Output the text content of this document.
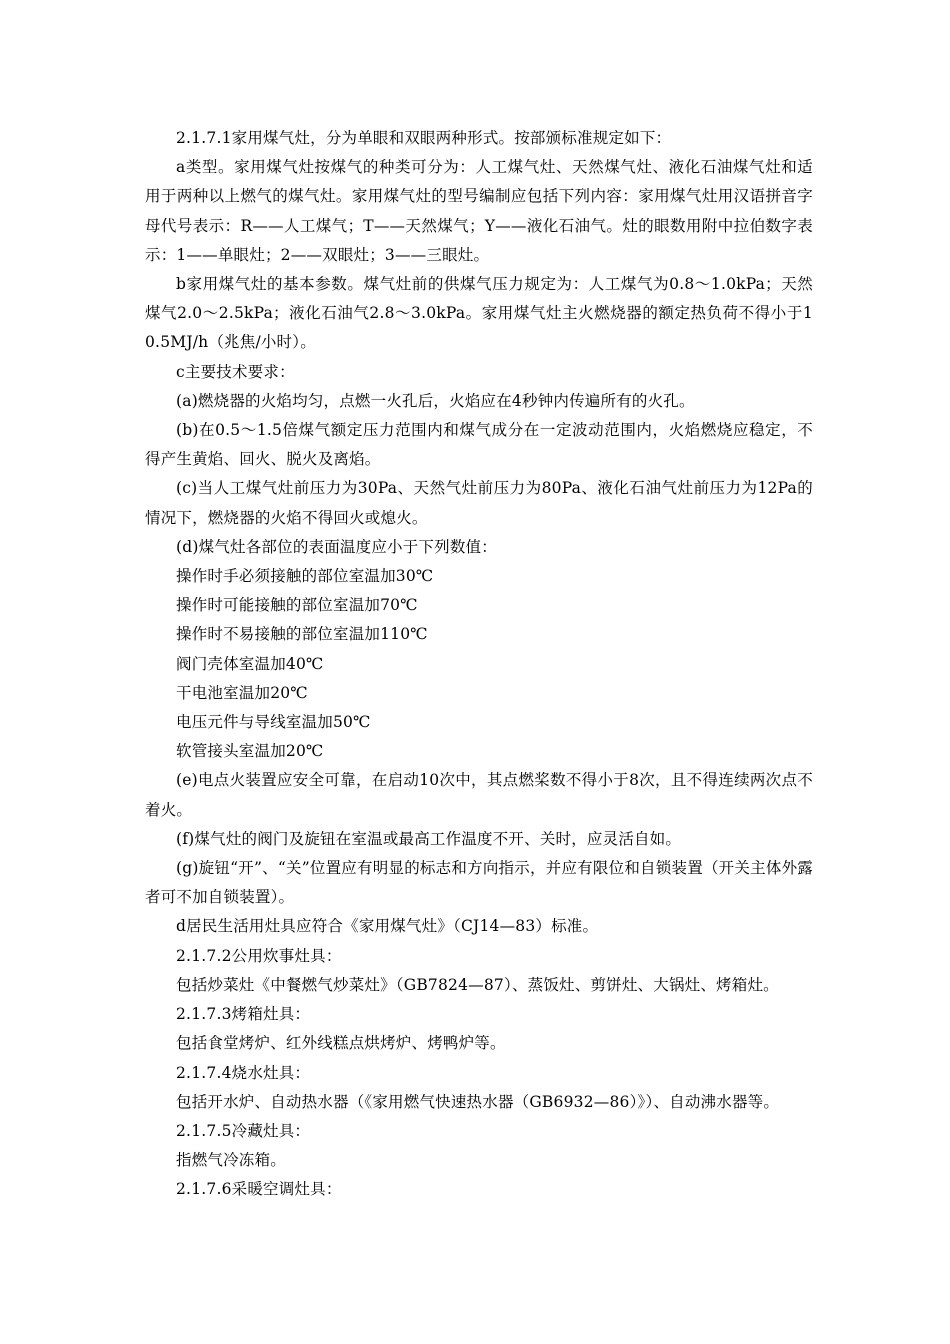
2.1.7.1家用煤气灶，分为单眼和双眼两种形式。按部颁标准规定如下：

a类型。家用煤气灶按煤气的种类可分为：人工煤气灶、天然煤气灶、液化石油煤气灶和适用于两种以上燃气的煤气灶。家用煤气灶的型号编制应包括下列内容：家用煤气灶用汉语拼音字母代号表示：R——人工煤气；T——天然煤气；Y——液化石油气。灶的眼数用附中拉伯数字表示：1——单眼灶；2——双眼灶；3——三眼灶。

b家用煤气灶的基本参数。煤气灶前的供煤气压力规定为：人工煤气为0.8～1.0kPa；天然煤气2.0～2.5kPa；液化石油气2.8～3.0kPa。家用煤气灶主火燃烧器的额定热负荷不得小于10.5MJ/h（兆焦/小时）。

c主要技术要求：

(a)燃烧器的火焰均匀，点燃一火孔后，火焰应在4秒钟内传遍所有的火孔。

(b)在0.5～1.5倍煤气额定压力范围内和煤气成分在一定波动范围内，火焰燃烧应稳定，不得产生黄焰、回火、脱火及离焰。

(c)当人工煤气灶前压力为30Pa、天然气灶前压力为80Pa、液化石油气灶前压力为12Pa的情况下，燃烧器的火焰不得回火或熄火。

(d)煤气灶各部位的表面温度应小于下列数值：

操作时手必须接触的部位室温加30℃

操作时可能接触的部位室温加70℃

操作时不易接触的部位室温加110℃

阀门壳体室温加40℃

干电池室温加20℃

电压元件与导线室温加50℃

软管接头室温加20℃

(e)电点火装置应安全可靠，在启动10次中，其点燃桨数不得小于8次，且不得连续两次点不着火。

(f)煤气灶的阀门及旋钮在室温或最高工作温度不开、关时，应灵活自如。

(g)旋钮“开”、“关”位置应有明显的标志和方向指示，并应有限位和自锁装置（开关主体外露者可不加自锁装置）。

d居民生活用灶具应符合《家用煤气灶》（CJ14—83）标准。

2.1.7.2公用炊事灶具：

包括炒菜灶《中餐燃气炒菜灶》（GB7824—87）、蒸饭灶、剪饼灶、大锅灶、烤箱灶。

2.1.7.3烤箱灶具：

包括食堂烤炉、红外线糕点烘烤炉、烤鸭炉等。

2.1.7.4烧水灶具：

包括开水炉、自动热水器（《家用燃气快速热水器（GB6932—86）》）、自动沸水器等。

2.1.7.5冷藏灶具：

指燃气冷冻箱。

2.1.7.6采暖空调灶具：
